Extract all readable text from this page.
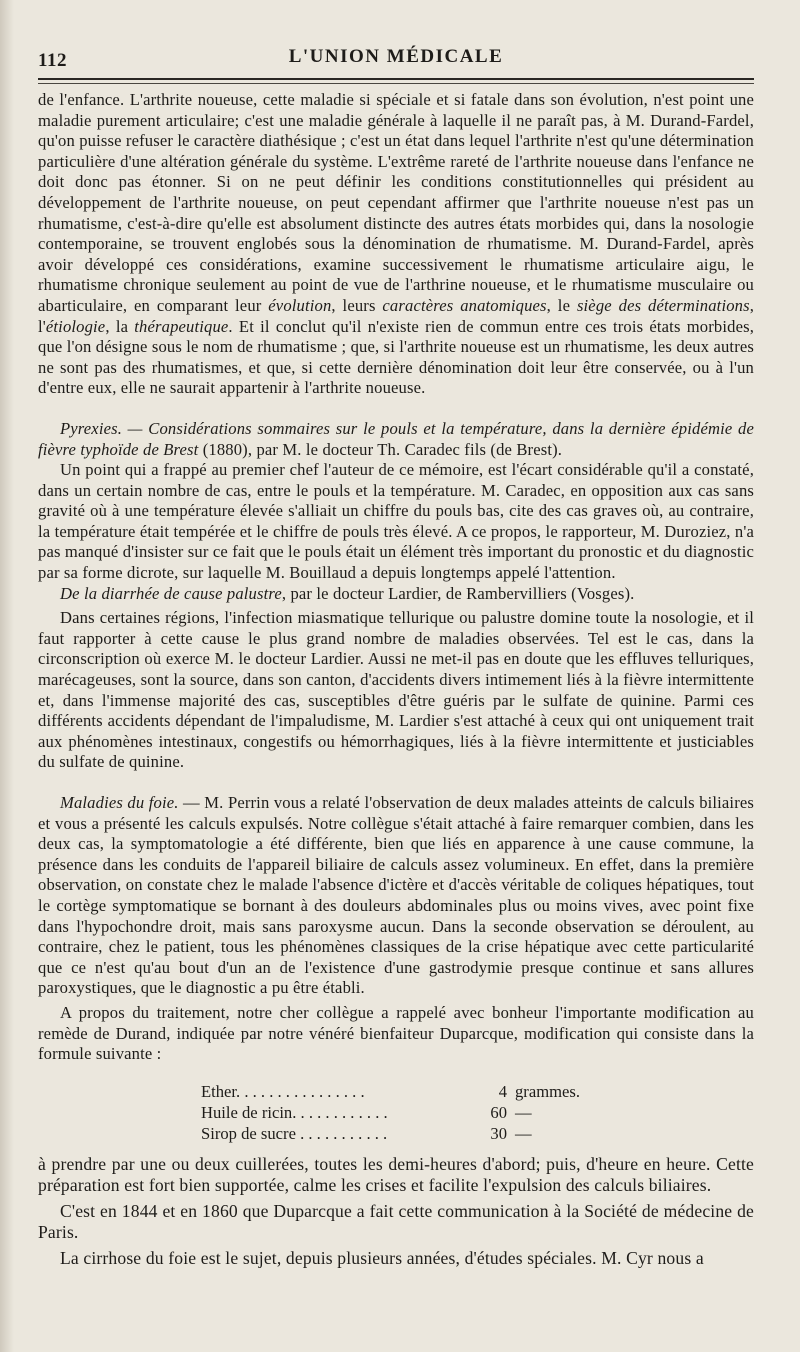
112	L'UNION MÉDICALE

de l'enfance. L'arthrite noueuse, cette maladie si spéciale et si fatale dans son évolution, n'est point une maladie purement articulaire; c'est une maladie générale à laquelle il ne paraît pas, à M. Durand-Fardel, qu'on puisse refuser le caractère diathésique ; c'est un état dans lequel l'arthrite n'est qu'une détermination particulière d'une altération générale du système. L'extrême rareté de l'arthrite noueuse dans l'enfance ne doit donc pas étonner. Si on ne peut définir les conditions constitutionnelles qui président au développement de l'arthrite noueuse, on peut cependant affirmer que l'arthrite noueuse n'est pas un rhumatisme, c'est-à-dire qu'elle est absolument distincte des autres états morbides qui, dans la nosologie contemporaine, se trouvent englobés sous la dénomination de rhumatisme. M. Durand-Fardel, après avoir développé ces considérations, examine successivement le rhumatisme articulaire aigu, le rhumatisme chronique seulement au point de vue de l'arthrine noueuse, et le rhumatisme musculaire ou abarticulaire, en comparant leur évolution, leurs caractères anatomiques, le siège des déterminations, l'étiologie, la thérapeutique. Et il conclut qu'il n'existe rien de commun entre ces trois états morbides, que l'on désigne sous le nom de rhumatisme ; que, si l'arthrite noueuse est un rhumatisme, les deux autres ne sont pas des rhumatismes, et que, si cette dernière dénomination doit leur être conservée, ou à l'un d'entre eux, elle ne saurait appartenir à l'arthrite noueuse.

Pyrexies. — Considérations sommaires sur le pouls et la température, dans la dernière épidémie de fièvre typhoïde de Brest (1880), par M. le docteur Th. Caradec fils (de Brest).

Un point qui a frappé au premier chef l'auteur de ce mémoire, est l'écart considérable qu'il a constaté, dans un certain nombre de cas, entre le pouls et la température. M. Caradec, en opposition aux cas sans gravité où à une température élevée s'alliait un chiffre du pouls bas, cite des cas graves où, au contraire, la température était tempérée et le chiffre de pouls très élevé. A ce propos, le rapporteur, M. Duroziez, n'a pas manqué d'insister sur ce fait que le pouls était un élément très important du pronostic et du diagnostic par sa forme dicrote, sur laquelle M. Bouillaud a depuis longtemps appelé l'attention.

De la diarrhée de cause palustre, par le docteur Lardier, de Rambervilliers (Vosges).

Dans certaines régions, l'infection miasmatique tellurique ou palustre domine toute la nosologie, et il faut rapporter à cette cause le plus grand nombre de maladies observées. Tel est le cas, dans la circonscription où exerce M. le docteur Lardier. Aussi ne met-il pas en doute que les effluves telluriques, marécageuses, sont la source, dans son canton, d'accidents divers intimement liés à la fièvre intermittente et, dans l'immense majorité des cas, susceptibles d'être guéris par le sulfate de quinine. Parmi ces différents accidents dépendant de l'impaludisme, M. Lardier s'est attaché à ceux qui ont uniquement trait aux phénomènes intestinaux, congestifs ou hémorrhagiques, liés à la fièvre intermittente et justiciables du sulfate de quinine.

Maladies du foie. — M. Perrin vous a relaté l'observation de deux malades atteints de calculs biliaires et vous a présenté les calculs expulsés. Notre collègue s'était attaché à faire remarquer combien, dans les deux cas, la symptomatologie a été différente, bien que liés en apparence à une cause commune, la présence dans les conduits de l'appareil biliaire de calculs assez volumineux. En effet, dans la première observation, on constate chez le malade l'absence d'ictère et d'accès véritable de coliques hépatiques, tout le cortège symptomatique se bornant à des douleurs abdominales plus ou moins vives, avec point fixe dans l'hypochondre droit, mais sans paroxysme aucun. Dans la seconde observation se déroulent, au contraire, chez le patient, tous les phénomènes classiques de la crise hépatique avec cette particularité que ce n'est qu'au bout d'un an de l'existence d'une gastrodymie presque continue et sans allures paroxystiques, que le diagnostic a pu être établi.

A propos du traitement, notre cher collègue a rappelé avec bonheur l'importante modification au remède de Durand, indiquée par notre vénéré bienfaiteur Duparcque, modification qui consiste dans la formule suivante :

Ether. . . . . . . . . . . . . . . .	4 grammes.
Huile de ricin. . . . . . . . . . . .	60 —
Sirop de sucre . . . . . . . . . . .	30 —

à prendre par une ou deux cuillerées, toutes les demi-heures d'abord; puis, d'heure en heure. Cette préparation est fort bien supportée, calme les crises et facilite l'expulsion des calculs biliaires.

C'est en 1844 et en 1860 que Duparcque a fait cette communication à la Société de médecine de Paris.

La cirrhose du foie est le sujet, depuis plusieurs années, d'études spéciales. M. Cyr nous a
